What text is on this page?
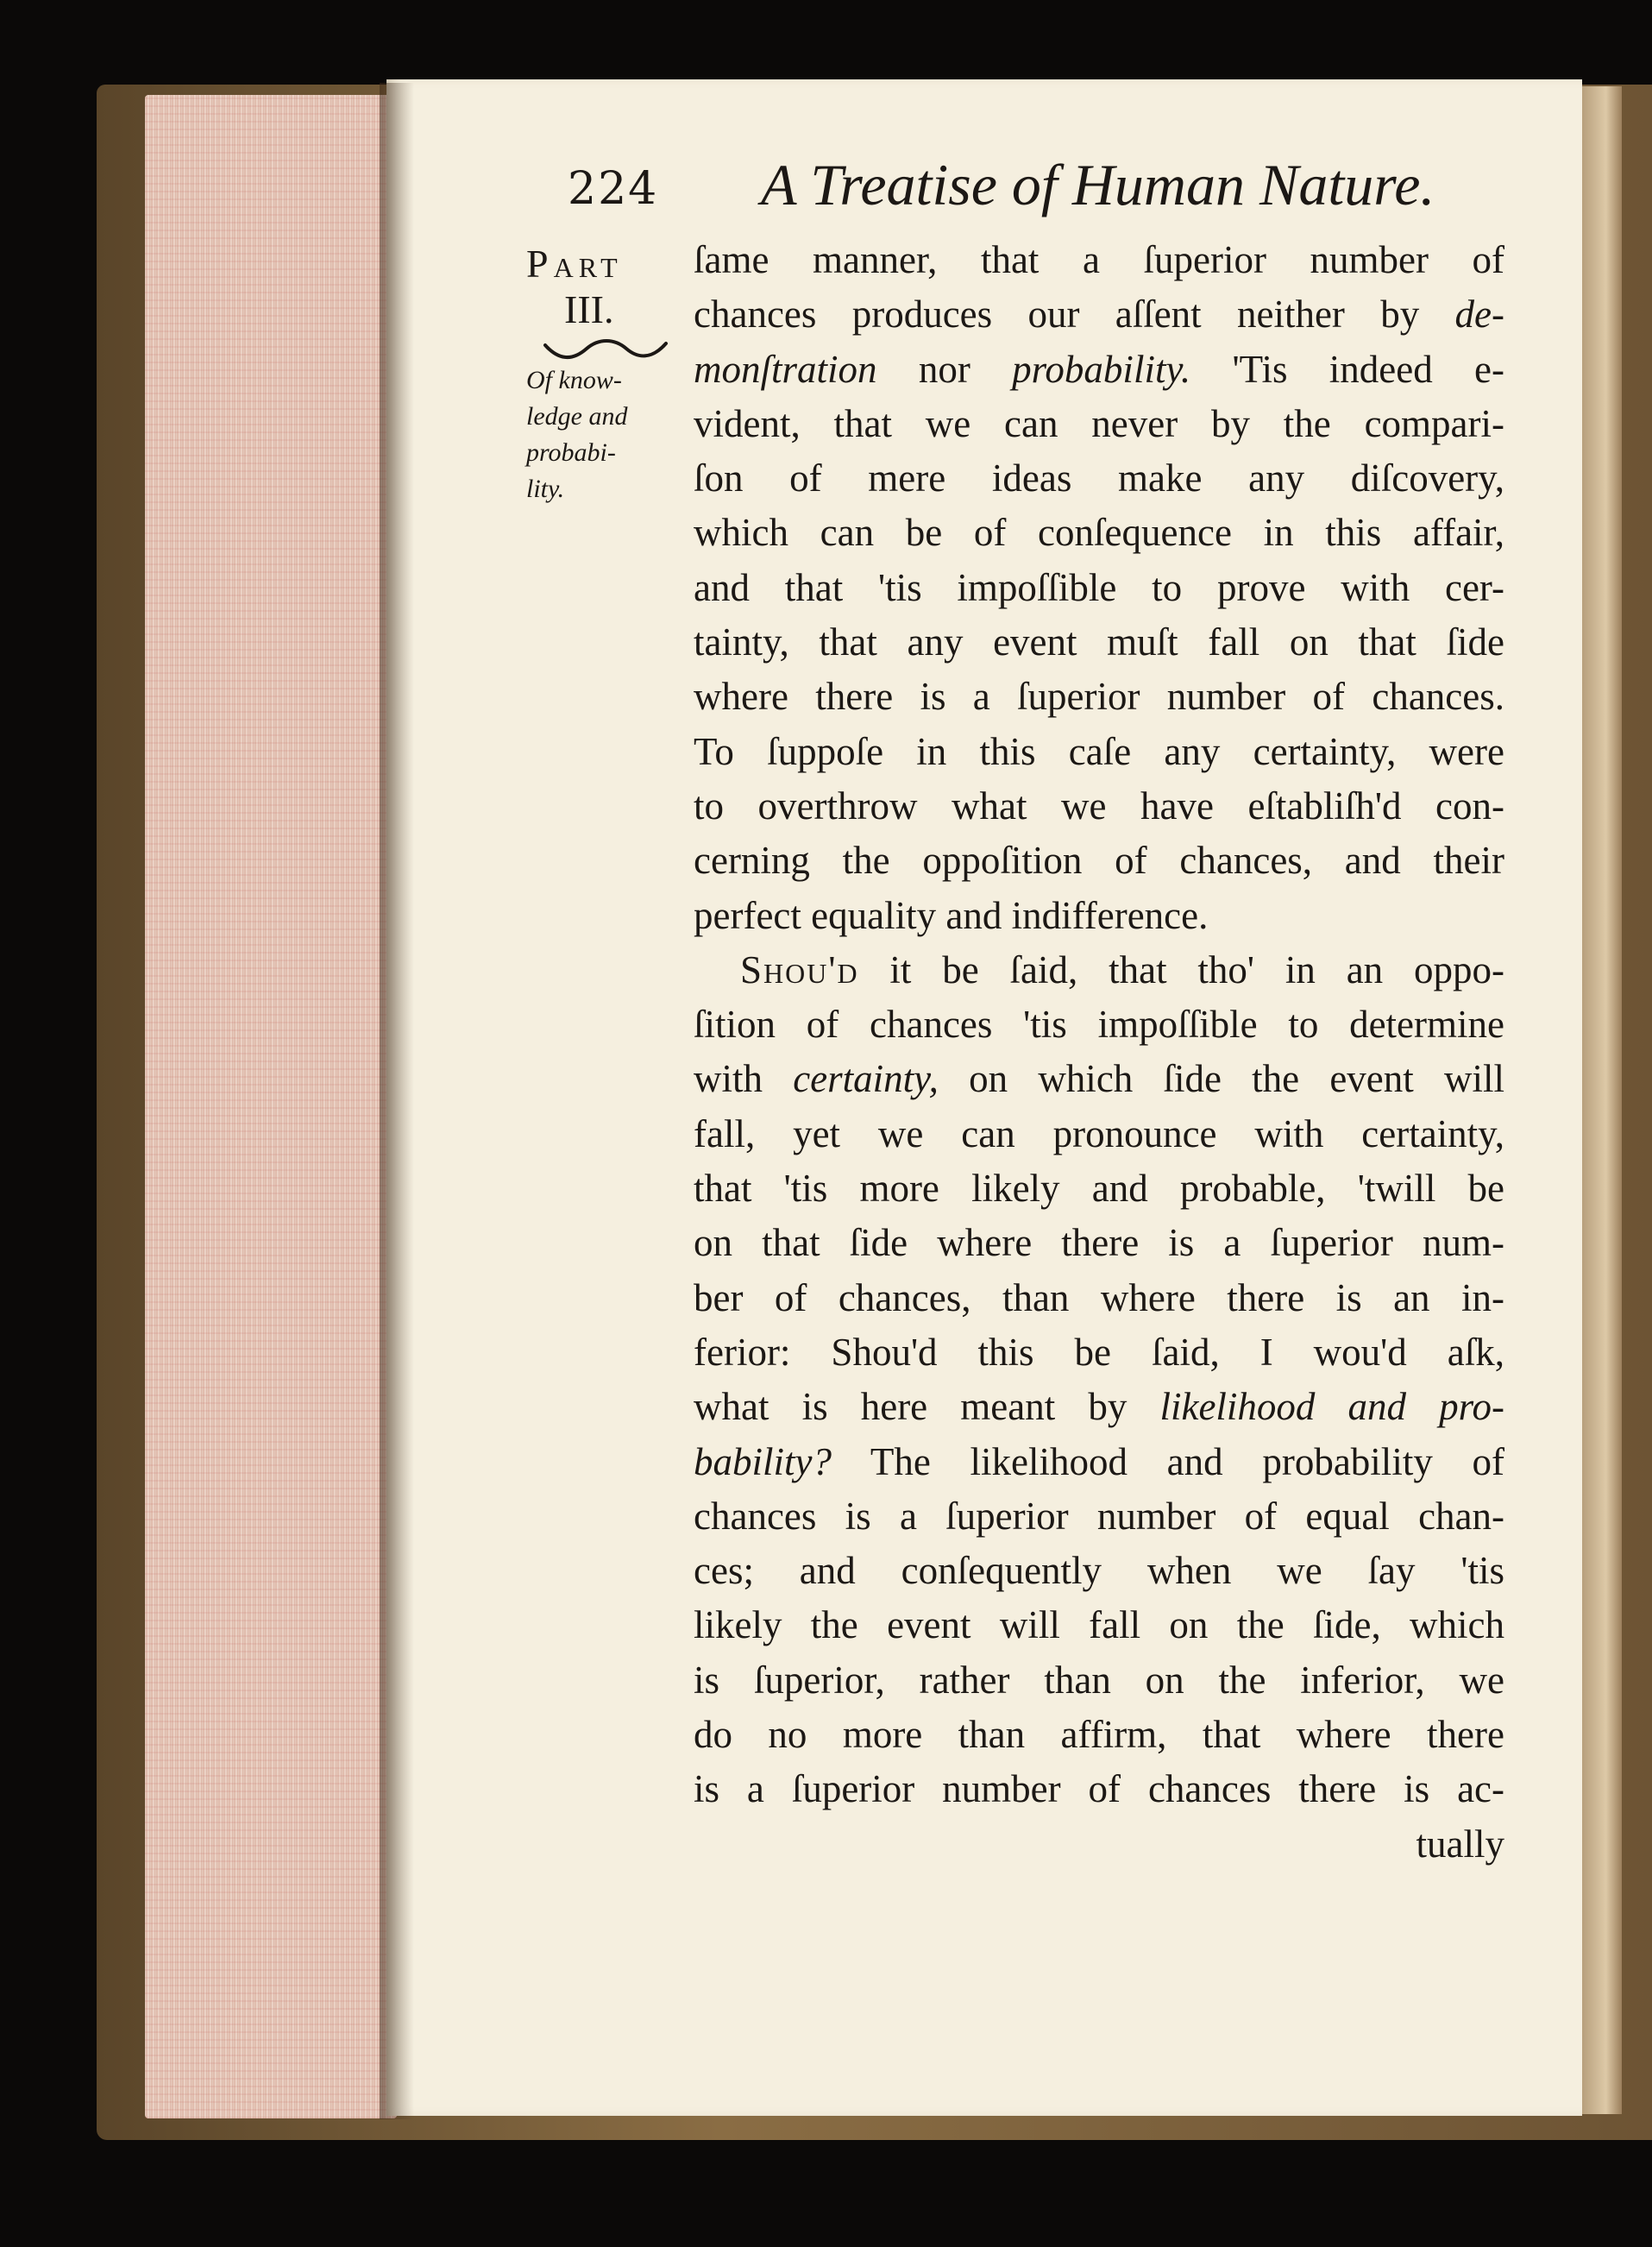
224 A Treatise of Human Nature.
Part
III.
Of know-
ledge and
probabi-
lity.
ſame manner, that a ſuperior number of
chances produces our aſſent neither by de-
monſtration nor probability. 'Tis indeed e-
vident, that we can never by the compari-
ſon of mere ideas make any diſcovery,
which can be of conſequence in this affair,
and that 'tis impoſſible to prove with cer-
tainty, that any event muſt fall on that ſide
where there is a ſuperior number of chances.
To ſuppoſe in this caſe any certainty, were
to overthrow what we have eſtabliſh'd con-
cerning the oppoſition of chances, and their
perfect equality and indifference.
Shou'd it be ſaid, that tho' in an oppo-
ſition of chances 'tis impoſſible to determine
with certainty, on which ſide the event will
fall, yet we can pronounce with certainty,
that 'tis more likely and probable, 'twill be
on that ſide where there is a ſuperior num-
ber of chances, than where there is an in-
ferior: Shou'd this be ſaid, I wou'd aſk,
what is here meant by likelihood and pro-
bability? The likelihood and probability of
chances is a ſuperior number of equal chan-
ces; and conſequently when we ſay 'tis
likely the event will fall on the ſide, which
is ſuperior, rather than on the inferior, we
do no more than affirm, that where there
is a ſuperior number of chances there is ac-
tually
